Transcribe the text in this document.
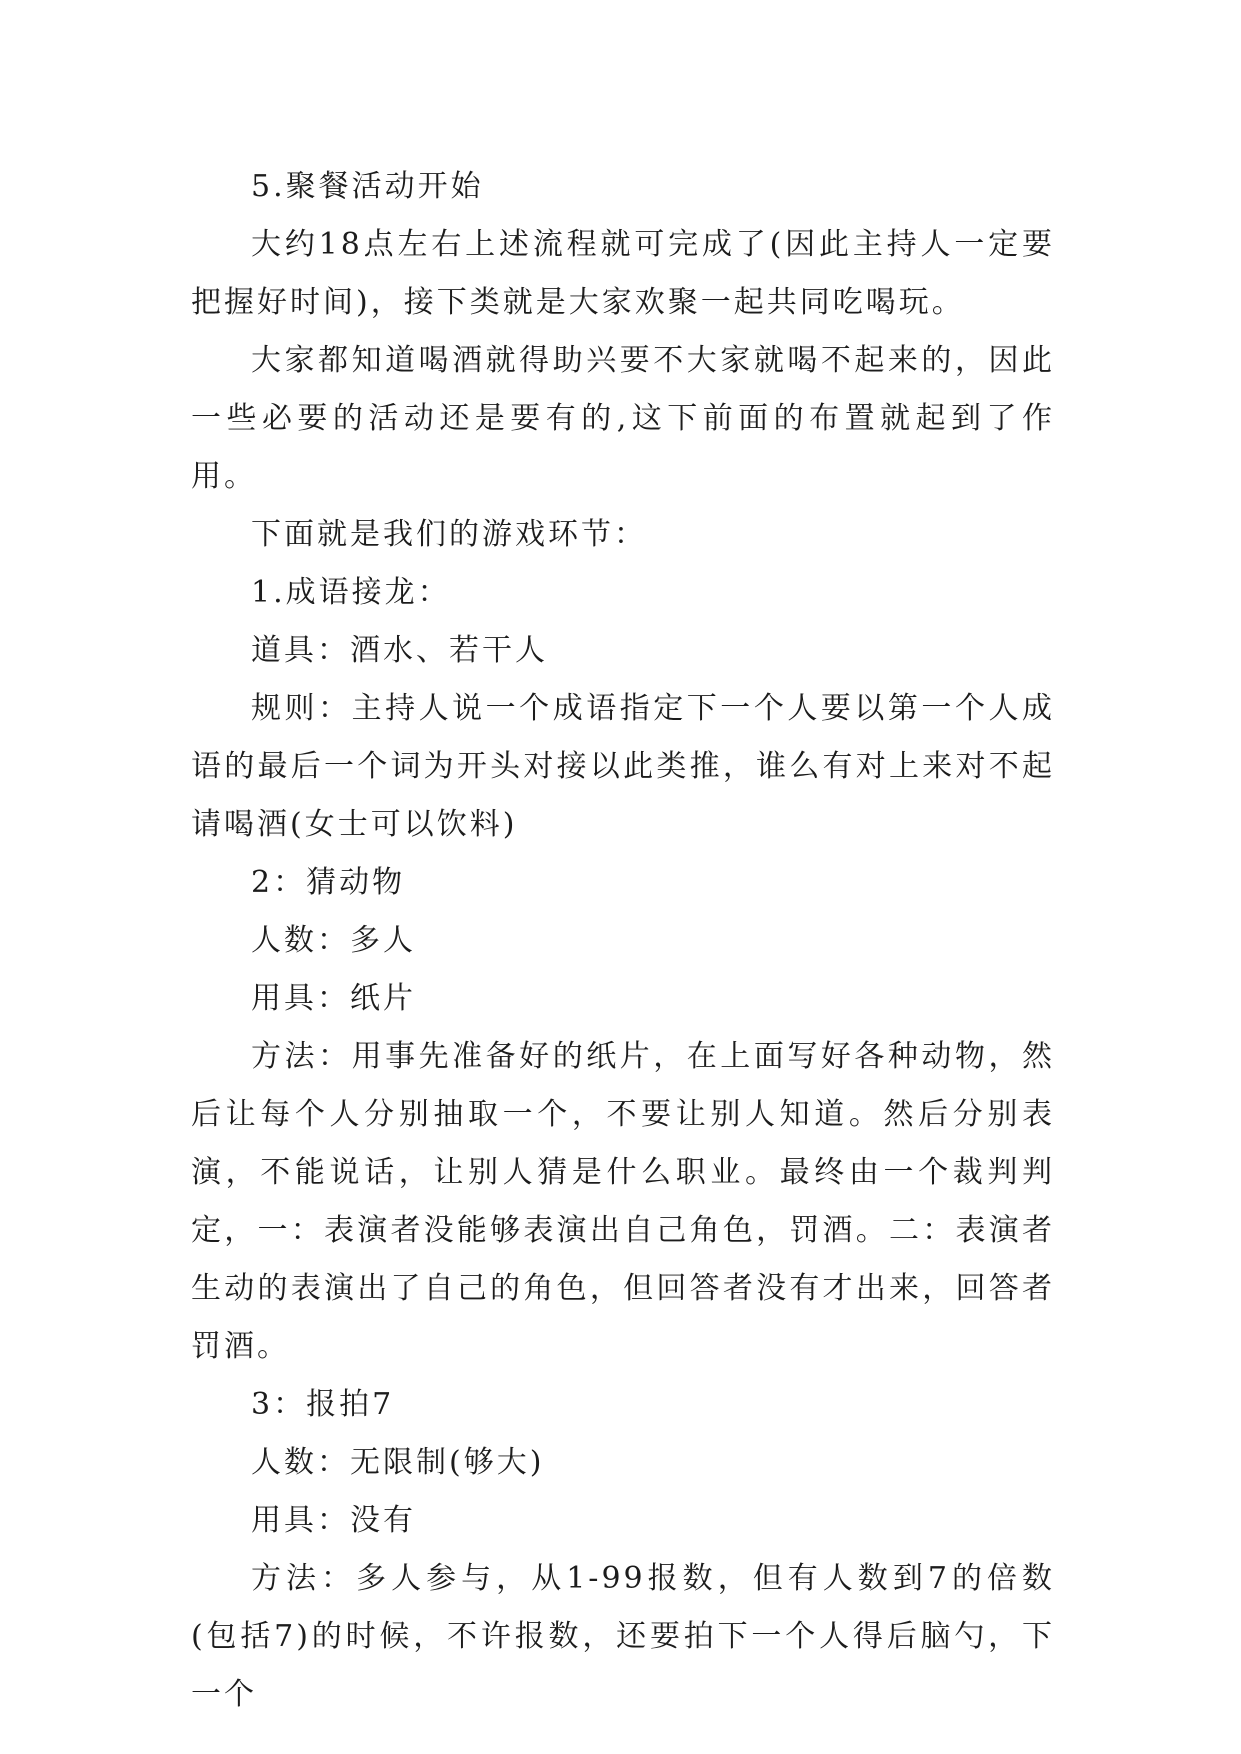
5.聚餐活动开始

大约18点左右上述流程就可完成了(因此主持人一定要把握好时间)，接下类就是大家欢聚一起共同吃喝玩。

大家都知道喝酒就得助兴要不大家就喝不起来的，因此一些必要的活动还是要有的,这下前面的布置就起到了作用。

下面就是我们的游戏环节：

1.成语接龙：

道具：酒水、若干人

规则：主持人说一个成语指定下一个人要以第一个人成语的最后一个词为开头对接以此类推，谁么有对上来对不起请喝酒(女士可以饮料)

2：猜动物

人数：多人

用具：纸片

方法：用事先准备好的纸片，在上面写好各种动物，然后让每个人分别抽取一个，不要让别人知道。然后分别表演，不能说话，让别人猜是什么职业。最终由一个裁判判定，一：表演者没能够表演出自己角色，罚酒。二：表演者生动的表演出了自己的角色，但回答者没有才出来，回答者罚酒。

3：报拍7

人数：无限制(够大)

用具：没有

方法：多人参与，从1-99报数，但有人数到7的倍数(包括7)的时候，不许报数，还要拍下一个人得后脑勺，下一个
